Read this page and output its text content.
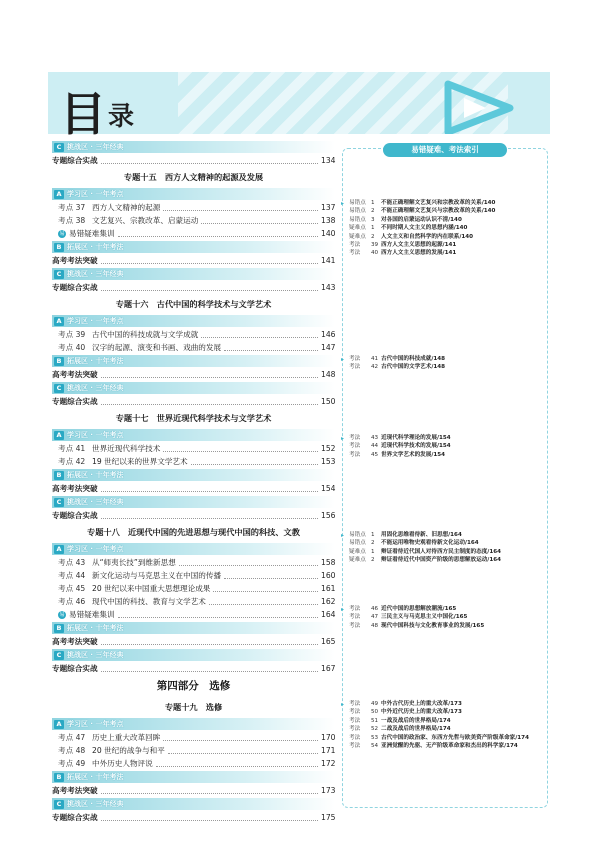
目 录
C 挑战区 · 三年经典
专题综合实战	134
专题十五　西方人文精神的起源及发展
A 学习区 · 一年考点
考点 37 西方人文精神的起源	137
考点 38 文艺复兴、宗教改革、启蒙运动	138
易 易错疑难集训	140
B 拓展区 · 十年考法
高考考法突破	141
C 挑战区 · 三年经典
专题综合实战	143
专题十六　古代中国的科学技术与文学艺术
A 学习区 · 一年考点
考点 39 古代中国的科技成就与文学成就	146
考点 40 汉字的起源、演变和书画、戏曲的发展	147
B 拓展区 · 十年考法
高考考法突破	148
C 挑战区 · 三年经典
专题综合实战	150
专题十七　世界近现代科学技术与文学艺术
A 学习区 · 一年考点
考点 41 世界近现代科学技术	152
考点 42 19 世纪以来的世界文学艺术	153
B 拓展区 · 十年考法
高考考法突破	154
C 挑战区 · 三年经典
专题综合实战	156
专题十八　近现代中国的先进思想与现代中国的科技、文教
A 学习区 · 一年考点
考点 43 从“师夷长技”到维新思想	158
考点 44 新文化运动与马克思主义在中国的传播	160
考点 45 20 世纪以来中国重大思想理论成果	161
考点 46 现代中国的科技、教育与文学艺术	162
易 易错疑难集训	164
B 拓展区 · 十年考法
高考考法突破	165
C 挑战区 · 三年经典
专题综合实战	167
第四部分　选修
专题十九　选修
A 学习区 · 一年考点
考点 47 历史上重大改革回眸	170
考点 48 20 世纪的战争与和平	171
考点 49 中外历史人物评说	172
B 拓展区 · 十年考法
高考考法突破	173
C 挑战区 · 三年经典
专题综合实战	175
易错疑难、考法索引
易错点 1	不能正确理解文艺复兴和宗教改革的关系/140
易错点 2	不能正确理解文艺复兴与宗教改革的关系/140
易错点 3	对各国的启蒙运动认识不清/140
疑难点 1	不同时期人文主义的思想内涵/140
疑难点 2	人文主义和自然科学的内在联系/140
考法	39 西方人文主义思想的起源/141
考法	40 西方人文主义思想的发展/141
▸
考法	41 古代中国的科技成就/148
考法	42 古代中国的文学艺术/148
▸
考法	43 近现代科学理论的发展/154
考法	44 近现代科学技术的发展/154
考法	45 世界文学艺术的发展/154
▸
易错点 1	用固化思维看待新、旧思想/164
易错点 2	不能运用唯物史观看待新文化运动/164
疑难点 1	辩证看待近代国人对待西方民主制度的态度/164
疑难点 2	辩证看待近代中国资产阶级的思想解放运动/164
▸
考法	46 近代中国的思想解放潮流/165
考法	47 三民主义与马克思主义中国化/165
考法	48 现代中国科技与文化教育事业的发展/165
▸
考法	49 中外古代历史上的重大改革/173
考法	50 中外近代历史上的重大改革/173
考法	51 一战及战后的世界格局/174
考法	52 二战及战后的世界格局/174
考法	53 古代中国的政治家、东西方先哲与欧美资产阶级革命家/174
考法	54 亚洲觉醒的先驱、无产阶级革命家和杰出的科学家/174
▸
